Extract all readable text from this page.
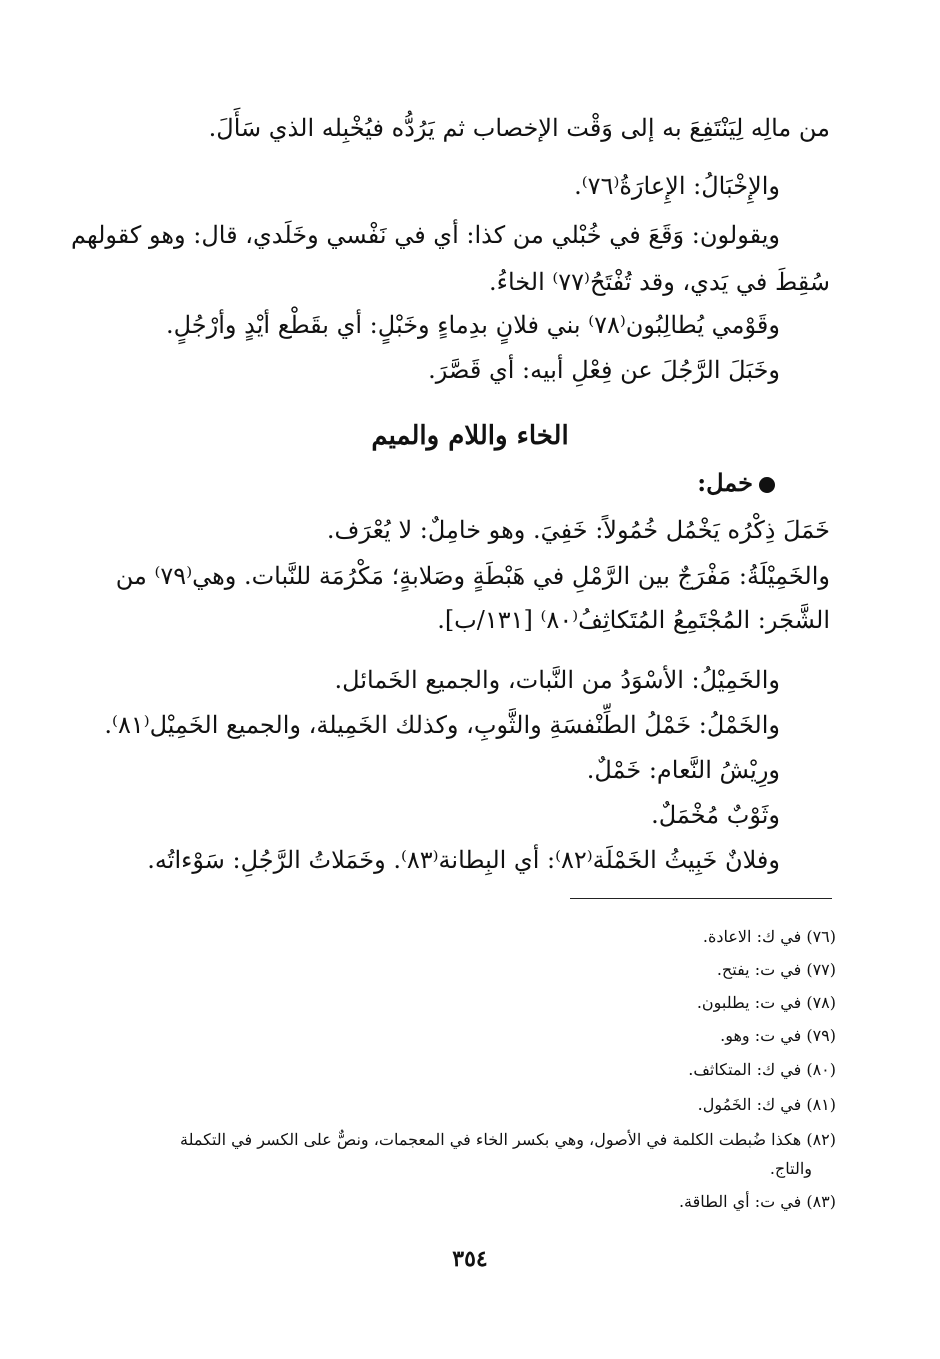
من مالِه لِيَنْتَفِعَ به إلى وَقْت الإخصاب ثم يَرُدُّه فيُخْبِله الذي سَأَلَ.
والإِخْبَالُ: الإِعارَةُ⁽٧٦⁾.
ويقولون: وَقَعَ في خُبْلي من كذا: أي في نَفْسي وخَلَدي، قال: وهو كقولهم
سُقِطَ في يَدي، وقد تُفْتَحُ⁽٧٧⁾ الخاءُ.
وقَوْمي يُطالِبُون⁽٧٨⁾ بني فلانٍ بدِماءٍ وخَبْلٍ: أي بقَطْع أيْدٍ وأرْجُلٍ.
وخَبَلَ الرَّجُلَ عن فِعْلِ أبيه: أي قَصَّرَ.
الخاء واللام والميم
خمل:
خَمَلَ ذِكْرُه يَخْمُل خُمُولاً: خَفِيَ. وهو خامِلٌ: لا يُعْرَف.
والخَمِيْلَةُ: مَفْرَجٌ بين الرَّمْلِ في هَبْطَةٍ وصَلابةٍ؛ مَكْرُمَة للنَّبات. وهي⁽٧٩⁾ من
الشَّجَر: المُجْتَمِعُ المُتَكاثِفُ⁽٨٠⁾ [١٣١/ب].
والخَمِيْلُ: الأسْوَدُ من النَّبات، والجميع الخَمائل.
والخَمْلُ: خَمْلُ الطِّنْفسَةِ والثَّوبِ، وكذلك الخَمِيلة، والجميع الخَمِيْل⁽٨١⁾.
ورِيْشُ النَّعام: خَمْلٌ.
وثَوْبٌ مُخْمَلٌ.
وفلانٌ خَبِيثُ الخَمْلَة⁽٨٢⁾: أي البِطانة⁽٨٣⁾. وخَمَلاتُ الرَّجُلِ: سَوْءاتُه.
(٧٦) في ك: الاعادة.
(٧٧) في ت: يفتح.
(٧٨) في ت: يطلبون.
(٧٩) في ت: وهو.
(٨٠) في ك: المتكاثف.
(٨١) في ك: الخَمُول.
(٨٢) هكذا ضُبطت الكلمة في الأصول، وهي بكسر الخاء في المعجمات، ونصٌّ على الكسر في التكملة
والتاج.
(٨٣) في ت: أي الطاقة.
٣٥٤
